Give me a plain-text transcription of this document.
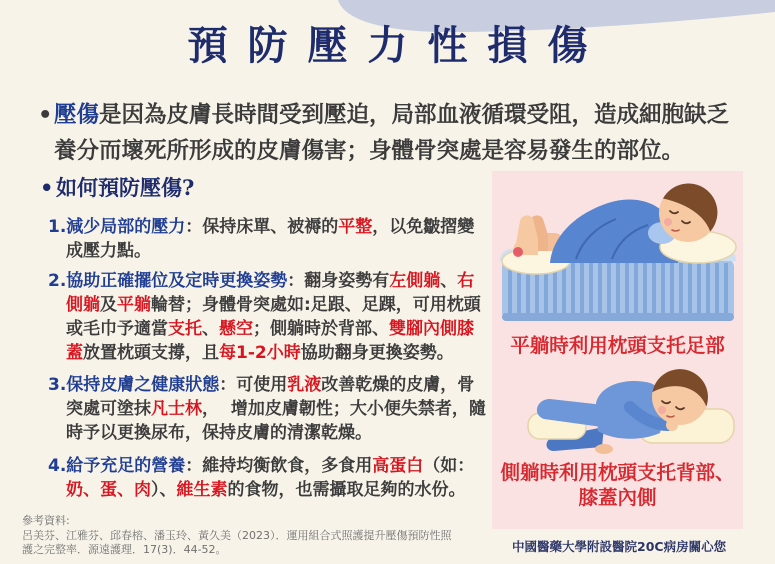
預防壓力性損傷
• 壓傷是因為皮膚長時間受到壓迫，局部血液循環受阻，造成細胞缺乏
養分而壞死所形成的皮膚傷害；身體骨突處是容易發生的部位。
• 如何預防壓傷?
1.減少局部的壓力：保持床單、被褥的平整，以免皺摺變
成壓力點。
2.協助正確擺位及定時更換姿勢：翻身姿勢有左側躺、右
側躺及平躺輪替；身體骨突處如:足跟、足踝，可用枕頭
或毛巾予適當支托、懸空；側躺時於背部、雙腳內側膝
蓋放置枕頭支撐，且每1-2小時協助翻身更換姿勢。
3.保持皮膚之健康狀態：可使用乳液改善乾燥的皮膚，骨
突處可塗抹凡士林，  增加皮膚韌性；大小便失禁者，隨
時予以更換尿布，保持皮膚的清潔乾燥。
4.給予充足的營養：維持均衡飲食，多食用高蛋白（如：
奶、蛋、肉）、維生素的食物，也需攝取足夠的水份。
平躺時利用枕頭支托足部
側躺時利用枕頭支托背部、
膝蓋內側
參考資料:
呂美芬、江雅芬、邱春榕、潘玉玲、黃久美（2023）．運用組合式照護提升壓傷預防性照
護之完整率．源遠護理．17(3)．44-52。	中國醫藥大學附設醫院20C病房關心您
